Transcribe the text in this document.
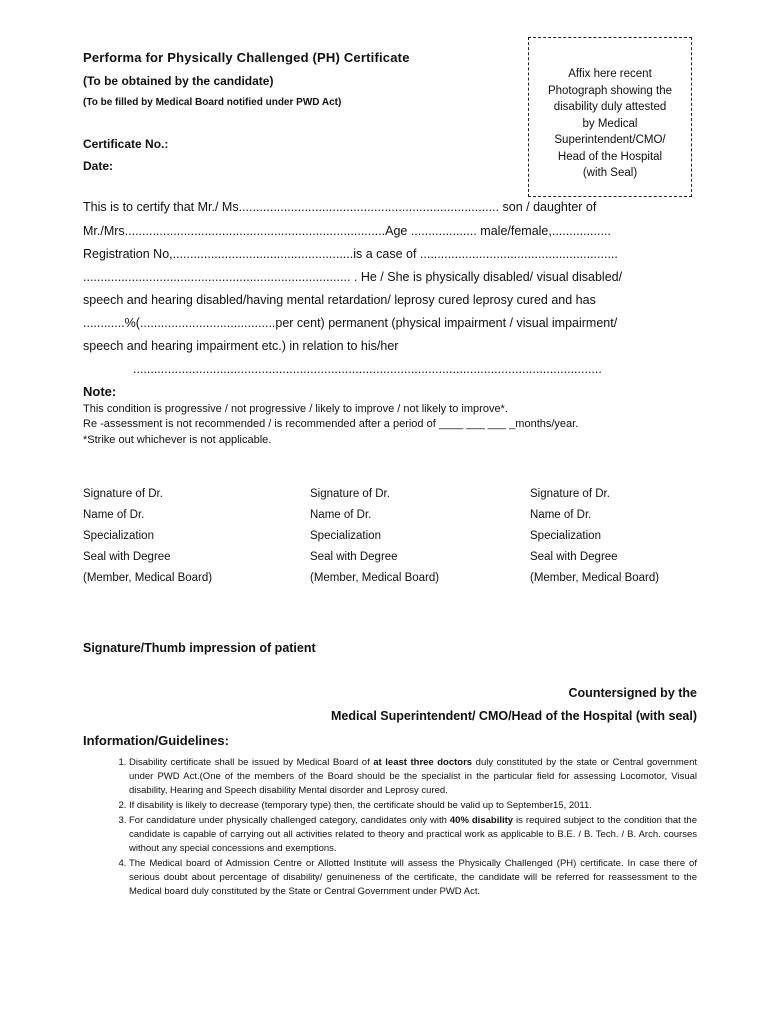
Performa for Physically Challenged (PH) Certificate
(To be obtained by the candidate)
(To be filled by Medical Board notified under PWD Act)
Certificate No.:
Date:
Affix here recent
Photograph showing the
disability duly attested
by Medical
Superintendent/CMO/
Head of the Hospital
(with Seal)
This is to certify that Mr./ Ms........................................................................... son / daughter of
Mr./Mrs...........................................................................Age ................... male/female,.................
Registration No,....................................................is a case of .........................................................
............................................................................. . He / She is physically disabled/ visual disabled/
speech and hearing disabled/having mental retardation/ leprosy cured leprosy cured and has
............%(.......................................per cent) permanent (physical impairment / visual impairment/
speech and hearing impairment etc.) in relation to his/her
.......................................................................................................................................
Note:
This condition is progressive / not progressive / likely to improve / not likely to improve*.
Re -assessment is not recommended / is recommended after a period of ____ ___ ___ _months/year.
*Strike out whichever is not applicable.
Signature of Dr.
Name of Dr.
Specialization
Seal with Degree
(Member, Medical Board)
Signature of Dr.
Name of Dr.
Specialization
Seal with Degree
(Member, Medical Board)
Signature of Dr.
Name of Dr.
Specialization
Seal with Degree
(Member, Medical Board)
Signature/Thumb impression of patient
Countersigned by the
Medical Superintendent/ CMO/Head of the Hospital (with seal)
Information/Guidelines:
1. Disability certificate shall be issued by Medical Board of at least three doctors duly constituted by the state or Central government under PWD Act.(One of the members of the Board should be the specialist in the particular field for assessing Locomotor, Visual disability, Hearing and Speech disability Mental disorder and Leprosy cured.
2. If disability is likely to decrease (temporary type) then, the certificate should be valid up to September15, 2011.
3. For candidature under physically challenged category, candidates only with 40% disability is required subject to the condition that the candidate is capable of carrying out all activities related to theory and practical work as applicable to B.E. / B. Tech. / B. Arch. courses without any special concessions and exemptions.
4. The Medical board of Admission Centre or Allotted Institute will assess the Physically Challenged (PH) certificate. In case there of serious doubt about percentage of disability/ genuineness of the certificate, the candidate will be referred for reassessment to the Medical board duly constituted by the State or Central Government under PWD Act.
